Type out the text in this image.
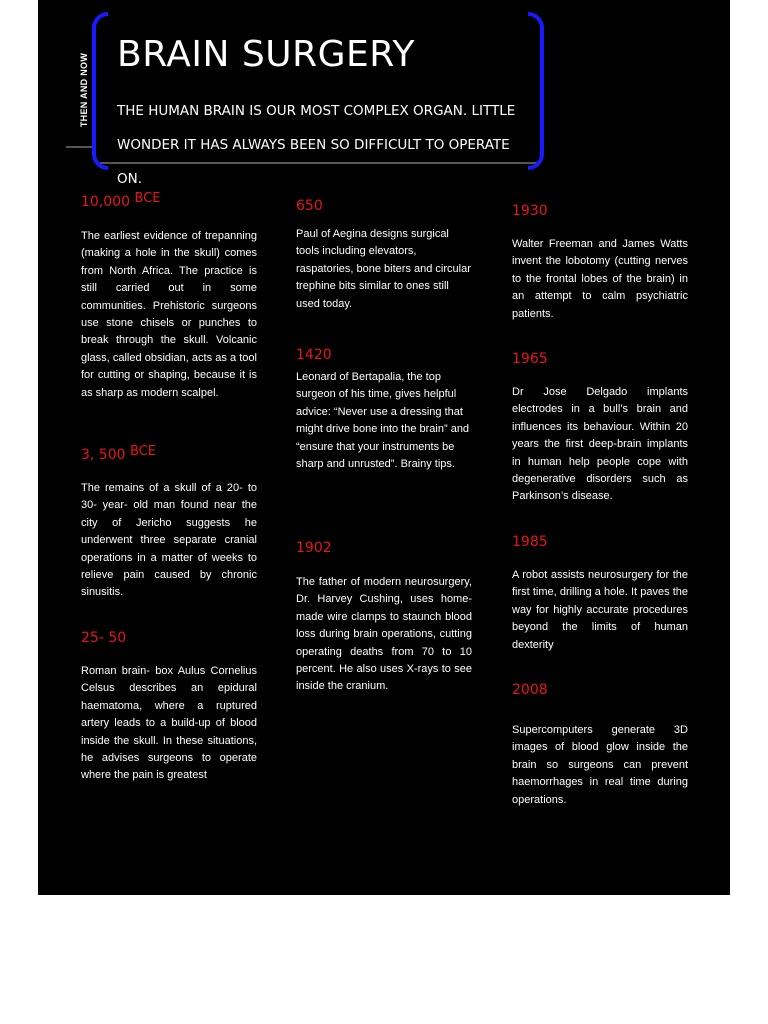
THEN AND NOW BRAIN SURGERY
THE HUMAN BRAIN IS OUR MOST COMPLEX ORGAN. LITTLE WONDER IT HAS ALWAYS BEEN SO DIFFICULT TO OPERATE ON.
10,000 BCE
The earliest evidence of trepanning (making a hole in the skull) comes from North Africa. The practice is still carried out in some communities. Prehistoric surgeons use stone chisels or punches to break through the skull. Volcanic glass, called obsidian, acts as a tool for cutting or shaping, because it is as sharp as modern scalpel.
3, 500 BCE
The remains of a skull of a 20- to 30- year- old man found near the city of Jericho suggests he underwent three separate cranial operations in a matter of weeks to relieve pain caused by chronic sinusitis.
25- 50
Roman brain- box Aulus Cornelius Celsus describes an epidural haematoma, where a ruptured artery leads to a build-up of blood inside the skull. In these situations, he advises surgeons to operate where the pain is greatest
650
Paul of Aegina designs surgical tools including elevators, raspatories, bone biters and circular trephine bits similar to ones still used today.
1420
Leonard of Bertapalia, the top surgeon of his time, gives helpful advice: “Never use a dressing that might drive bone into the brain” and “ensure that your instruments be sharp and unrusted”. Brainy tips.
1902
The father of modern neurosurgery, Dr. Harvey Cushing, uses home-made wire clamps to staunch blood loss during brain operations, cutting operating deaths from 70 to 10 percent. He also uses X-rays to see inside the cranium.
1930
Walter Freeman and James Watts invent the lobotomy (cutting nerves to the frontal lobes of the brain) in an attempt to calm psychiatric patients.
1965
Dr Jose Delgado implants electrodes in a bull’s brain and influences its behaviour. Within 20 years the first deep-brain implants in human help people cope with degenerative disorders such as Parkinson’s disease.
1985
A robot assists neurosurgery for the first time, drilling a hole. It paves the way for highly accurate procedures beyond the limits of human dexterity
2008
Supercomputers generate 3D images of blood glow inside the brain so surgeons can prevent haemorrhages in real time during operations.
